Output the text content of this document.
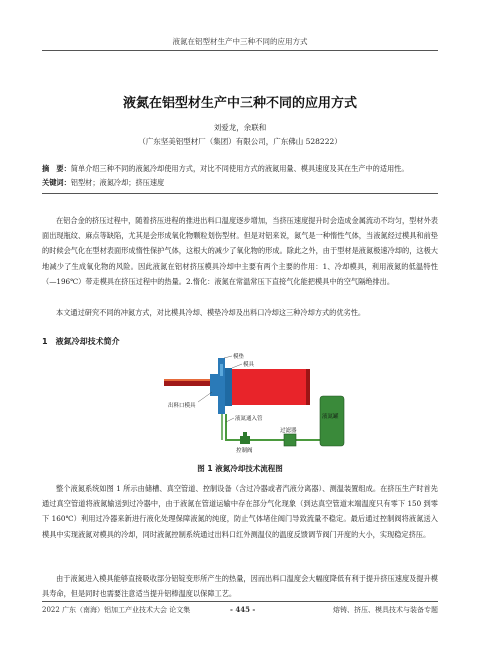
液氮在铝型材生产中三种不同的应用方式
液氮在铝型材生产中三种不同的应用方式
刘爱龙，余联和
（广东坚美铝型材厂（集团）有限公司，广东佛山 528222）
摘　要：简单介绍三种不同的液氮冷却使用方式，对比不同使用方式的液氮用量、模具速度及其在生产中的适用性。
关键词：铝型材；液氮冷却；挤压速度
在铝合金的挤压过程中，随着挤压进程的推进出料口温度逐步增加，当挤压速度提升时会造成金属流动不均匀，型材外表面出现瓶纹、麻点等缺陷，尤其是会形成氧化物颗粒划伤型材。但是对铝来说，氮气是一种惰性气体，当液氮经过模具和前垫的时候会气化在型材表面形成惰性保护气体，这根大的减少了氧化物的形成。除此之外，由于型材是液氮极速冷却的，这极大地减少了生成氧化物的风险。因此液氮在铝材挤压模具冷却中主要有两个主要的作用：1、冷却模具，利用液氮的低温特性（—196℃）带走模具在挤压过程中的热量。2.惰化：液氮在常温常压下直接气化能把模具中的空气隔绝排出。
本文通过研究不同的冲氮方式，对比模具冷却、模垫冷却及出料口冷却这三种冷却方式的优劣性。
1　液氮冷却技术简介
模垫
模具
出料口模具
液氮通入管
控制阀
过滤器
液氮罐
图 1 液氮冷却技术流程图
整个液氮系统如图 1 所示由储槽、真空管道、控制设备（含过冷器或者汽液分离器）、测温装置组成。在挤压生产时首先通过真空管道将液氮输送到过冷器中，由于液氮在管道运输中存在部分气化现象（到达真空管道末端温度只有零下 150 到零下 160℃）利用过冷器来新进行液化处理保障液氮的纯度，防止气体堵住阀门导致流量不稳定。最后通过控制阀将液氮送入模具中实现液氮对模具的冷却，同时液氮控制系统通过出料口红外测温仪的温度反馈调节阀门开度的大小，实现稳定挤压。
由于液氮进入模具能够直接吸收部分铝锭变形所产生的热量，因而出料口温度会大幅度降低有利于提升挤压速度及提升模具寿命，但是同时也需要注意适当提升铝棒温度以保障工艺。
2022 广东（南海）铝加工产业技术大会 论文集	- 445 -	熔铸、挤压、模具技术与装备专题
